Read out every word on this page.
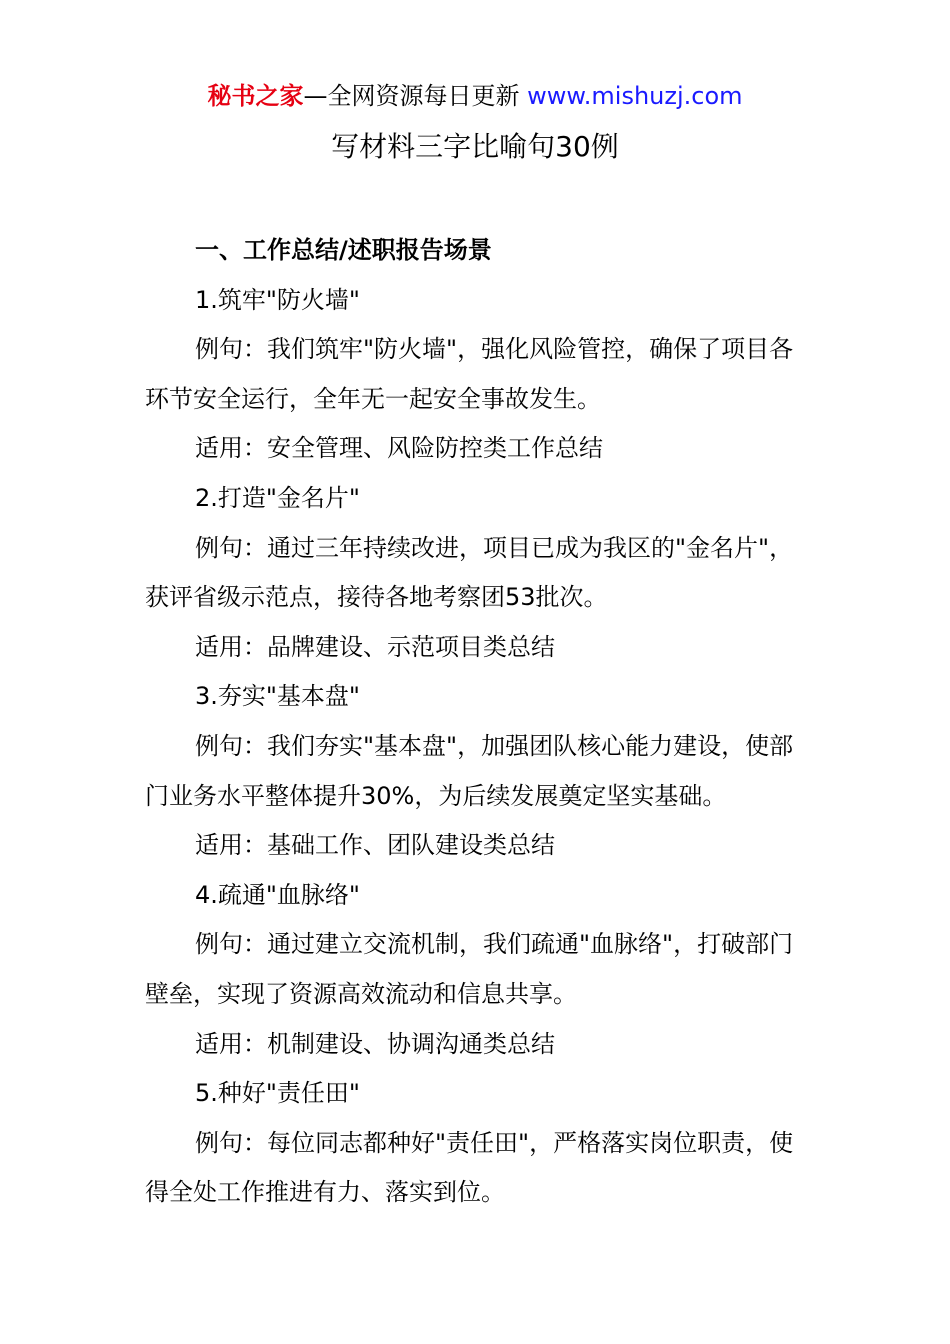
秘书之家—全网资源每日更新 www.mishuzj.com
写材料三字比喻句30例

一、工作总结/述职报告场景

1.筑牢"防火墙"

例句：我们筑牢"防火墙"，强化风险管控，确保了项目各环节安全运行，全年无一起安全事故发生。

适用：安全管理、风险防控类工作总结

2.打造"金名片"

例句：通过三年持续改进，项目已成为我区的"金名片"，获评省级示范点，接待各地考察团53批次。

适用：品牌建设、示范项目类总结

3.夯实"基本盘"

例句：我们夯实"基本盘"，加强团队核心能力建设，使部门业务水平整体提升30%，为后续发展奠定坚实基础。

适用：基础工作、团队建设类总结

4.疏通"血脉络"

例句：通过建立交流机制，我们疏通"血脉络"，打破部门壁垒，实现了资源高效流动和信息共享。

适用：机制建设、协调沟通类总结

5.种好"责任田"

例句：每位同志都种好"责任田"，严格落实岗位职责，使得全处工作推进有力、落实到位。
